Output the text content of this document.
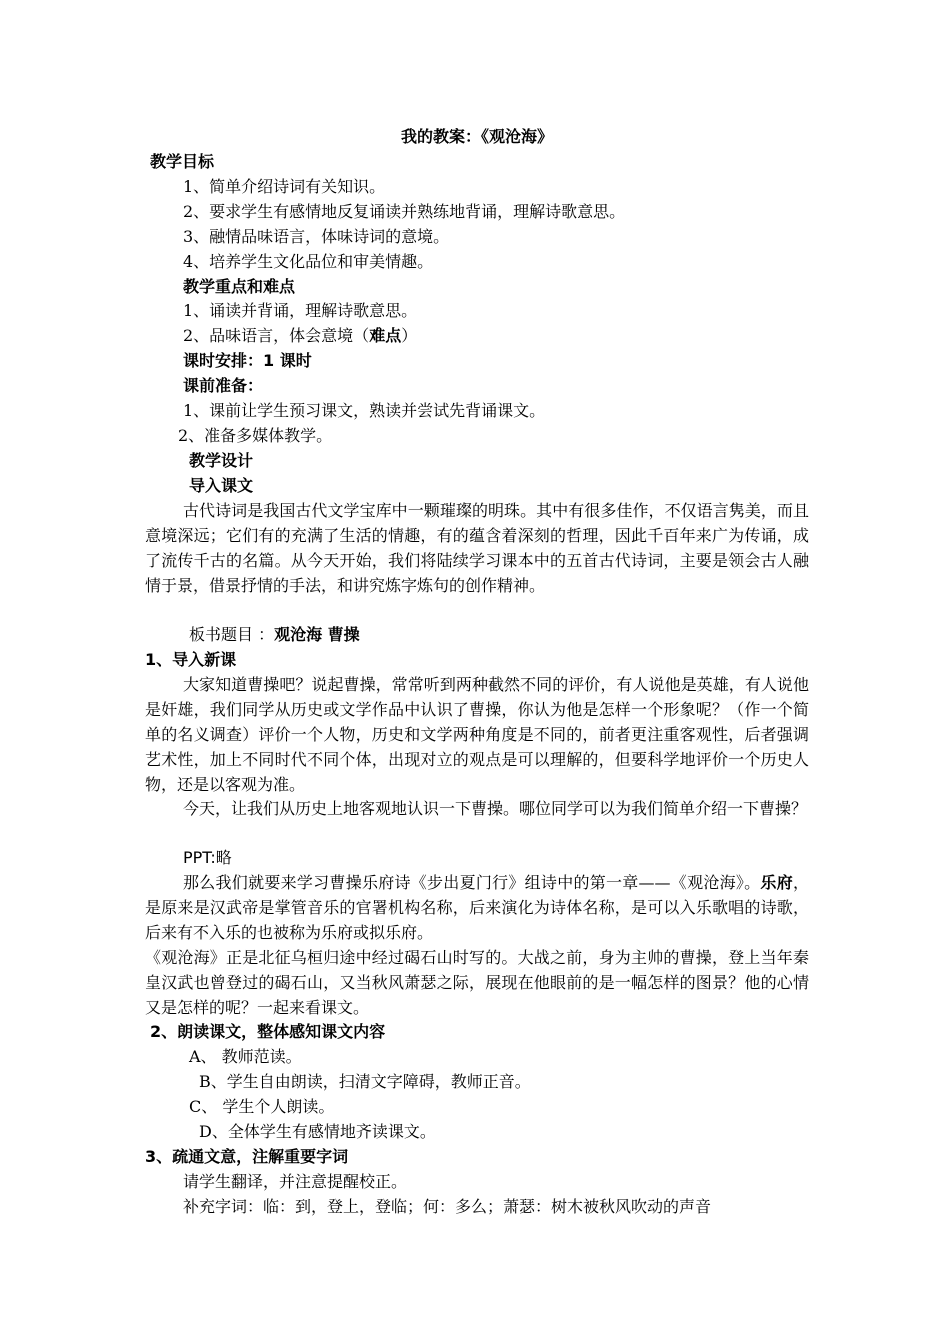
我的教案：《观沧海》
教学目标
1、简单介绍诗词有关知识。
2、要求学生有感情地反复诵读并熟练地背诵，理解诗歌意思。
3、融情品味语言，体味诗词的意境。
4、培养学生文化品位和审美情趣。
教学重点和难点
1、诵读并背诵，理解诗歌意思。
2、品味语言，体会意境（难点）
课时安排：1 课时
课前准备：
1、课前让学生预习课文，熟读并尝试先背诵课文。
2、准备多媒体教学。
教学设计
导入课文
古代诗词是我国古代文学宝库中一颗璀璨的明珠。其中有很多佳作，不仅语言隽美，而且意境深远；它们有的充满了生活的情趣，有的蕴含着深刻的哲理，因此千百年来广为传诵，成了流传千古的名篇。从今天开始，我们将陆续学习课本中的五首古代诗词，主要是领会古人融情于景，借景抒情的手法，和讲究炼字炼句的创作精神。
板书题目 ：观沧海 曹操
1、导入新课
大家知道曹操吧？说起曹操，常常听到两种截然不同的评价，有人说他是英雄，有人说他是奸雄，我们同学从历史或文学作品中认识了曹操，你认为他是怎样一个形象呢？（作一个简单的名义调查）评价一个人物，历史和文学两种角度是不同的，前者更注重客观性，后者强调艺术性，加上不同时代不同个体，出现对立的观点是可以理解的，但要科学地评价一个历史人物，还是以客观为准。
今天，让我们从历史上地客观地认识一下曹操。哪位同学可以为我们简单介绍一下曹操？
PPT:略
那么我们就要来学习曹操乐府诗《步出夏门行》组诗中的第一章——《观沧海》。乐府，是原来是汉武帝是掌管音乐的官署机构名称，后来演化为诗体名称，是可以入乐歌唱的诗歌，后来有不入乐的也被称为乐府或拟乐府。
《观沧海》正是北征乌桓归途中经过碣石山时写的。大战之前，身为主帅的曹操，登上当年秦皇汉武也曾登过的碣石山，又当秋风萧瑟之际，展现在他眼前的是一幅怎样的图景？他的心情又是怎样的呢？一起来看课文。
2、朗读课文，整体感知课文内容
A、 教师范读。
B、学生自由朗读，扫清文字障碍，教师正音。
C、 学生个人朗读。
D、全体学生有感情地齐读课文。
3、疏通文意，注解重要字词
请学生翻译，并注意提醒校正。
补充字词：临：到，登上，登临；何：多么；萧瑟：树木被秋风吹动的声音
